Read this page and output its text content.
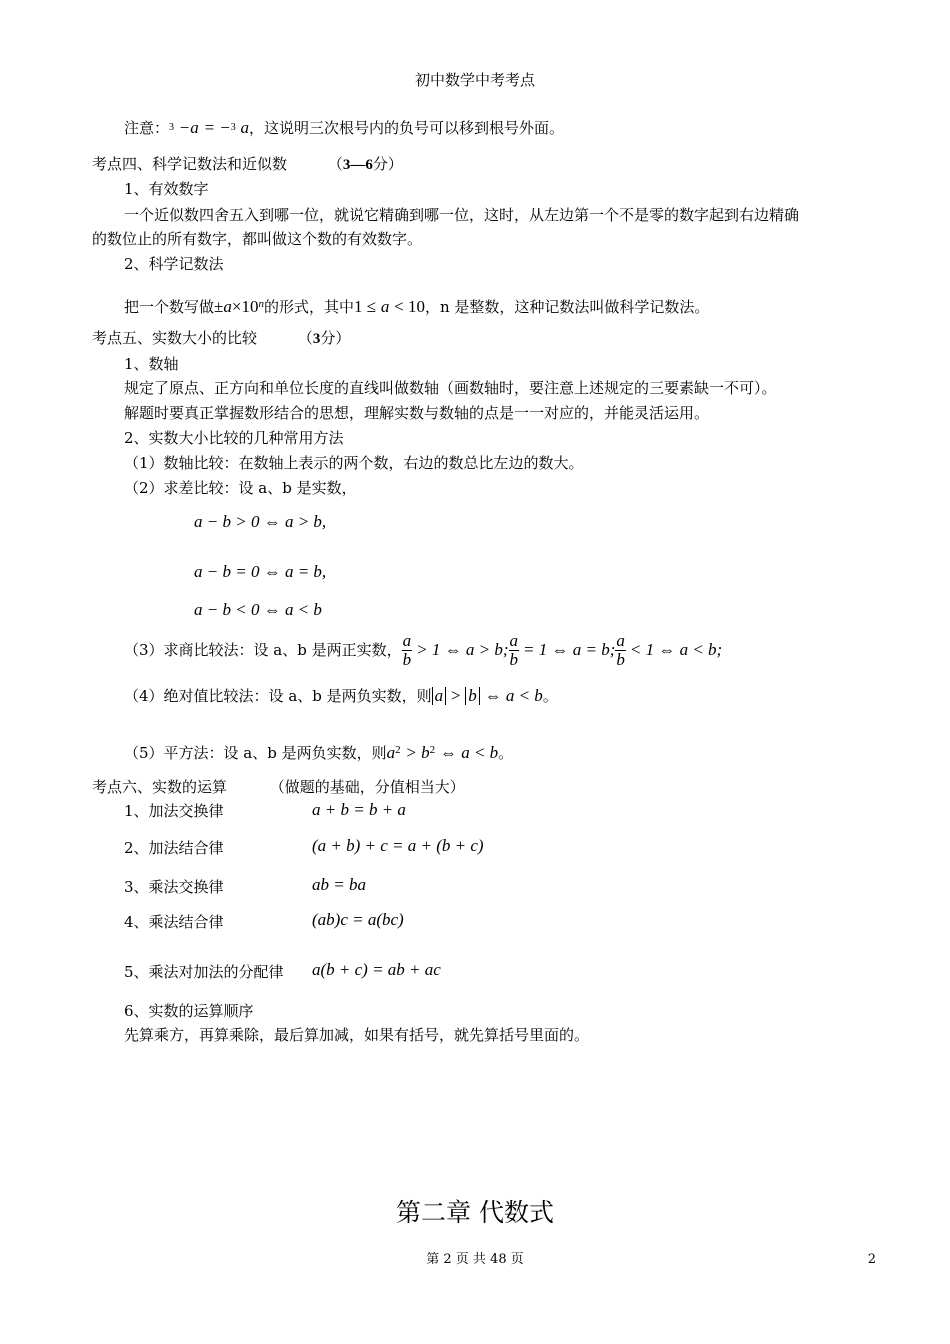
初中数学中考考点
注意：$^3$ −a = −$^3$ a，这说明三次根号内的负号可以移到根号外面。
考点四、科学记数法和近似数	（3—6分）
1、有效数字
一个近似数四舍五入到哪一位，就说它精确到哪一位，这时，从左边第一个不是零的数字起到右边精确
的数位止的所有数字，都叫做这个数的有效数字。
2、科学记数法
把一个数写做$\pm a\times 10^n$的形式，其中1 ≤ a < 10，n 是整数，这种记数法叫做科学记数法。
考点五、实数大小的比较	（3分）
1、数轴
规定了原点、正方向和单位长度的直线叫做数轴（画数轴时，要注意上述规定的三要素缺一不可）。
解题时要真正掌握数形结合的思想，理解实数与数轴的点是一一对应的，并能灵活运用。
2、实数大小比较的几种常用方法
（1）数轴比较：在数轴上表示的两个数，右边的数总比左边的数大。
（2）求差比较：设 a、b 是实数，
a − b > 0 ⇔ a > b,
a − b = 0 ⇔ a = b,
a − b < 0 ⇔ a < b
（3）求商比较法：设 a、b 是两正实数， $\frac{a}{b} > 1$ ⇔ a > b; $\frac{a}{b} = 1$ ⇔ a = b; $\frac{a}{b} < 1$ ⇔ a < b;
（4）绝对值比较法：设 a、b 是两负实数，则 a > b ⇔ a < b。
（5）平方法：设 a、b 是两负实数，则$a^2 > b^2$ ⇔ a < b。
考点六、实数的运算	（做题的基础，分值相当大）
1、加法交换律	a + b = b + a
2、加法结合律	(a + b) + c = a + (b + c)
3、乘法交换律	ab = ba
4、乘法结合律	(ab)c = a(bc)
5、乘法对加法的分配律 a(b + c) = ab + ac
6、实数的运算顺序
先算乘方，再算乘除，最后算加减，如果有括号，就先算括号里面的。
第二章 代数式
第 2 页 共 48 页	2
